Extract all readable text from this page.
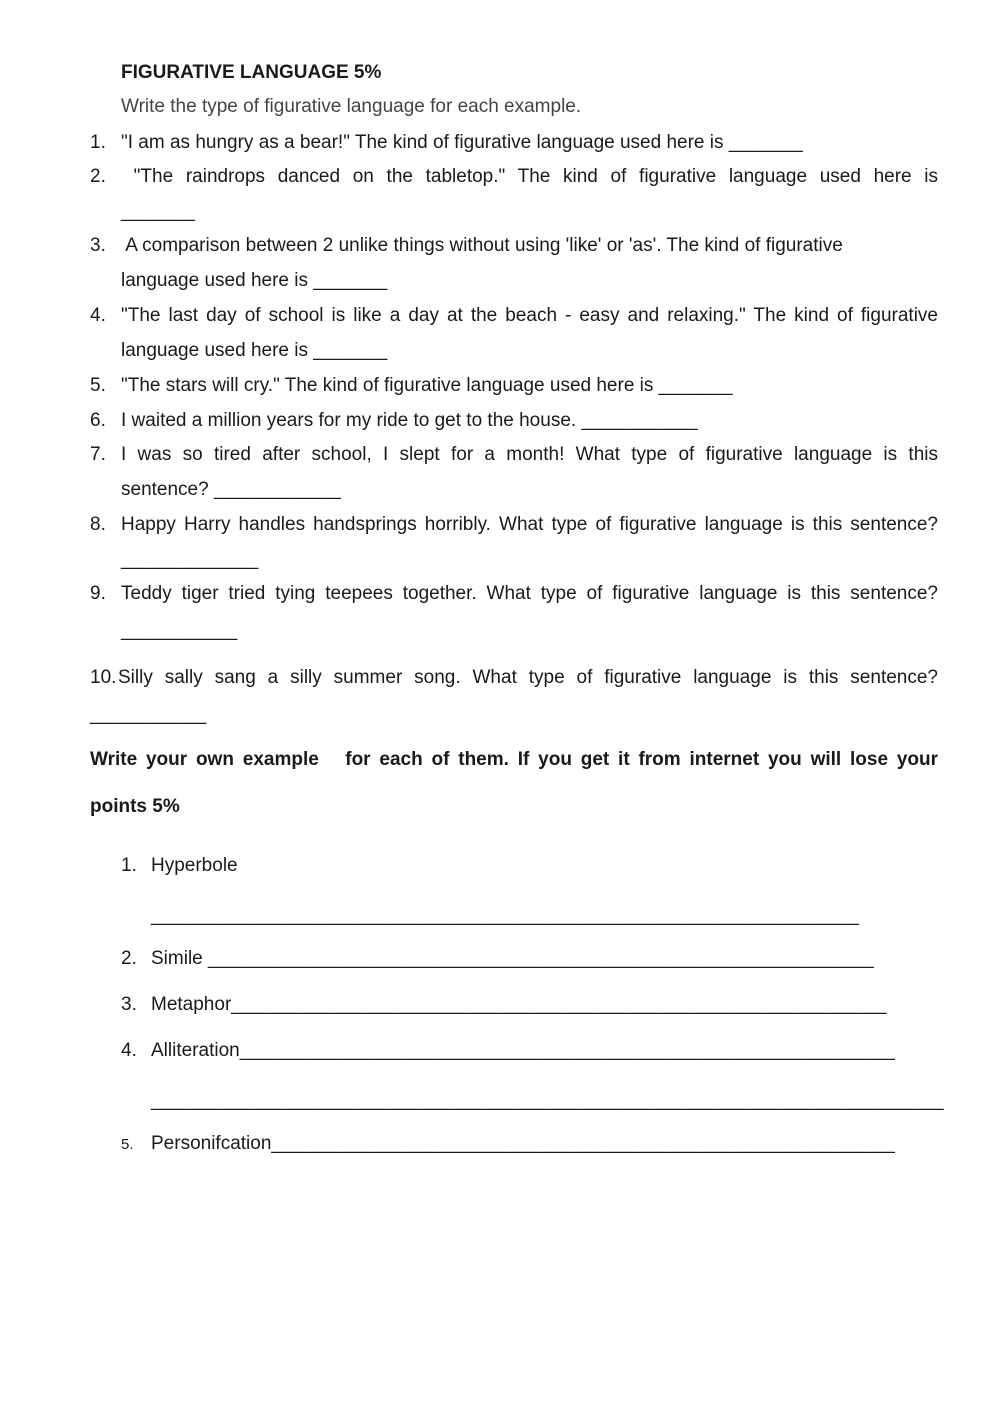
FIGURATIVE LANGUAGE 5%
Write the type of figurative language for each example.
1. "I am as hungry as a bear!" The kind of figurative language used here is _______
2. "The raindrops danced on the tabletop." The kind of figurative language used here is
_______
3. A comparison between 2 unlike things without using 'like' or 'as'. The kind of figurative
language used here is _______
4. "The last day of school is like a day at the beach - easy and relaxing." The kind of figurative
language used here is _______
5. "The stars will cry." The kind of figurative language used here is _______
6. I waited a million years for my ride to get to the house. ___________
7. I was so tired after school, I slept for a month! What type of figurative language is this
sentence? ____________
8. Happy Harry handles handsprings horribly. What type of figurative language is this sentence?
_____________
9. Teddy tiger tried tying teepees together. What type of figurative language is this sentence?
___________
10. Silly sally sang a silly summer song. What type of figurative language is this sentence?
___________
Write your own example   for each of them. If you get it from internet you will lose your
points 5%
1. Hyperbole
___________________________________________________________________
2. Simile _______________________________________________________________
3. Metaphor______________________________________________________________
4. Alliteration______________________________________________________________
___________________________________________________________________________
5. Personifcation___________________________________________________________
